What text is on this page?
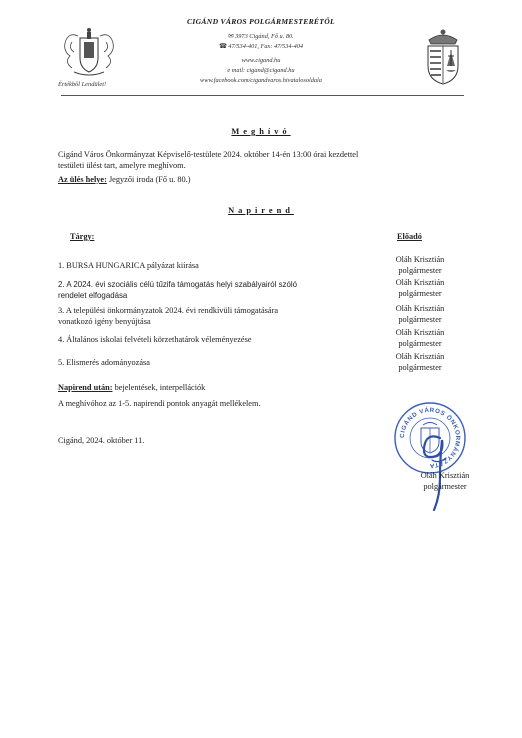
CIGÁND VÁROS POLGÁRMESTERÉTŐL
✉ 3973 Cigánd, Fő u. 80.
☎ 47/534-401, Fax: 47/534-404
www.cigand.hu
e mail: cigand@cigand.hu
www.facebook.com/cigandvaros.hivatalosoldala
Értékből Lendület!
Meghívó
Cigánd Város Önkormányzat Képviselő-testülete 2024. október 14-én 13:00 órai kezdettel
testületi ülést tart, amelyre meghívom.
Az ülés helye: Jegyzői iroda (Fő u. 80.)
Napirend
Tárgy:	Előadó
1. BURSA HUNGARICA pályázat kiírása
Oláh Krisztián
polgármester
2. A 2024. évi szociális célú tűzifa támogatás helyi szabályairól szóló
rendelet elfogadása
Oláh Krisztián
polgármester
3. A települési önkormányzatok 2024. évi rendkívüli támogatására
vonatkozó igény benyújtása
Oláh Krisztián
polgármester
4. Általános iskolai felvételi körzethatárok véleményezése
Oláh Krisztián
polgármester
5. Elismerés adományozása
Oláh Krisztián
polgármester
Napirend után: bejelentések, interpellációk
A meghívóhoz az 1-5. napirendi pontok anyagát mellékelem.
Cigánd, 2024. október 11.
CIGÁND VÁROS ÖNKORMÁNYZATA
Oláh Krisztián
polgármester
